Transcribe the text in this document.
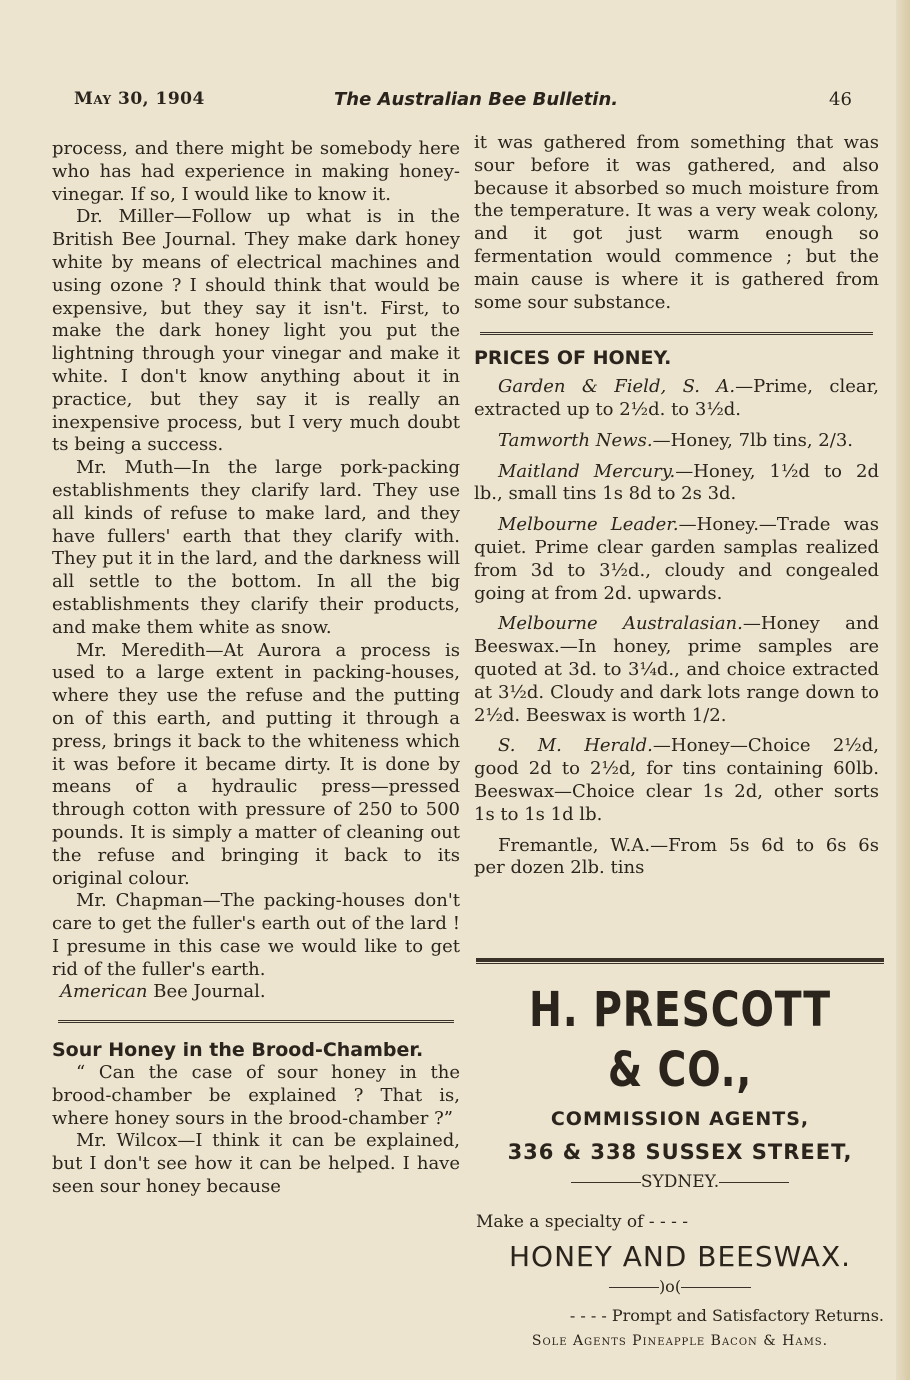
May 30, 1904	The Australian Bee Bulletin.	46

process, and there might be somebody here who has had experience in making honey-vinegar. If so, I would like to know it.

Dr. Miller—Follow up what is in the British Bee Journal. They make dark honey white by means of electrical machines and using ozone ? I should think that would be expensive, but they say it isn't. First, to make the dark honey light you put the lightning through your vinegar and make it white. I don't know anything about it in practice, but they say it is really an inexpensive process, but I very much doubt ts being a success.

Mr. Muth—In the large pork-packing establishments they clarify lard. They use all kinds of refuse to make lard, and they have fullers' earth that they clarify with. They put it in the lard, and the darkness will all settle to the bottom. In all the big establishments they clarify their products, and make them white as snow.

Mr. Meredith—At Aurora a process is used to a large extent in packing-houses, where they use the refuse and the putting on of this earth, and putting it through a press, brings it back to the whiteness which it was before it became dirty. It is done by means of a hydraulic press—pressed through cotton with pressure of 250 to 500 pounds. It is simply a matter of cleaning out the refuse and bringing it back to its original colour.

Mr. Chapman—The packing-houses don't care to get the fuller's earth out of the lard ! I presume in this case we would like to get rid of the fuller's earth.

American Bee Journal.

Sour Honey in the Brood-Chamber.

“ Can the case of sour honey in the brood-chamber be explained ? That is, where honey sours in the brood-chamber ?”

Mr. Wilcox—I think it can be explained, but I don't see how it can be helped. I have seen sour honey because

it was gathered from something that was sour before it was gathered, and also because it absorbed so much moisture from the temperature. It was a very weak colony, and it got just warm enough so fermentation would commence ; but the main cause is where it is gathered from some sour substance.

PRICES OF HONEY.

Garden & Field, S. A.—Prime, clear, extracted up to 2½d. to 3½d.

Tamworth News.—Honey, 7lb tins, 2/3.

Maitland Mercury.—Honey, 1½d to 2d lb., small tins 1s 8d to 2s 3d.

Melbourne Leader.—Honey.—Trade was quiet. Prime clear garden samplas realized from 3d to 3½d., cloudy and congealed going at from 2d. upwards.

Melbourne Australasian.—Honey and Beeswax.—In honey, prime samples are quoted at 3d. to 3¼d., and choice extracted at 3½d. Cloudy and dark lots range down to 2½d. Beeswax is worth 1/2.

S. M. Herald.—Honey—Choice 2½d, good 2d to 2½d, for tins containing 60lb. Beeswax—Choice clear 1s 2d, other sorts 1s to 1s 1d lb.

Fremantle, W.A.—From 5s 6d to 6s 6s per dozen 2lb. tins

H. PRESCOTT & CO.,

COMMISSION AGENTS,

336 & 338 SUSSEX STREET,

SYDNEY.

Make a specialty of - - - -

HONEY AND BEESWAX.

)o(

- - - - Prompt and Satisfactory Returns.

Sole Agents Pineapple Bacon & Hams.
